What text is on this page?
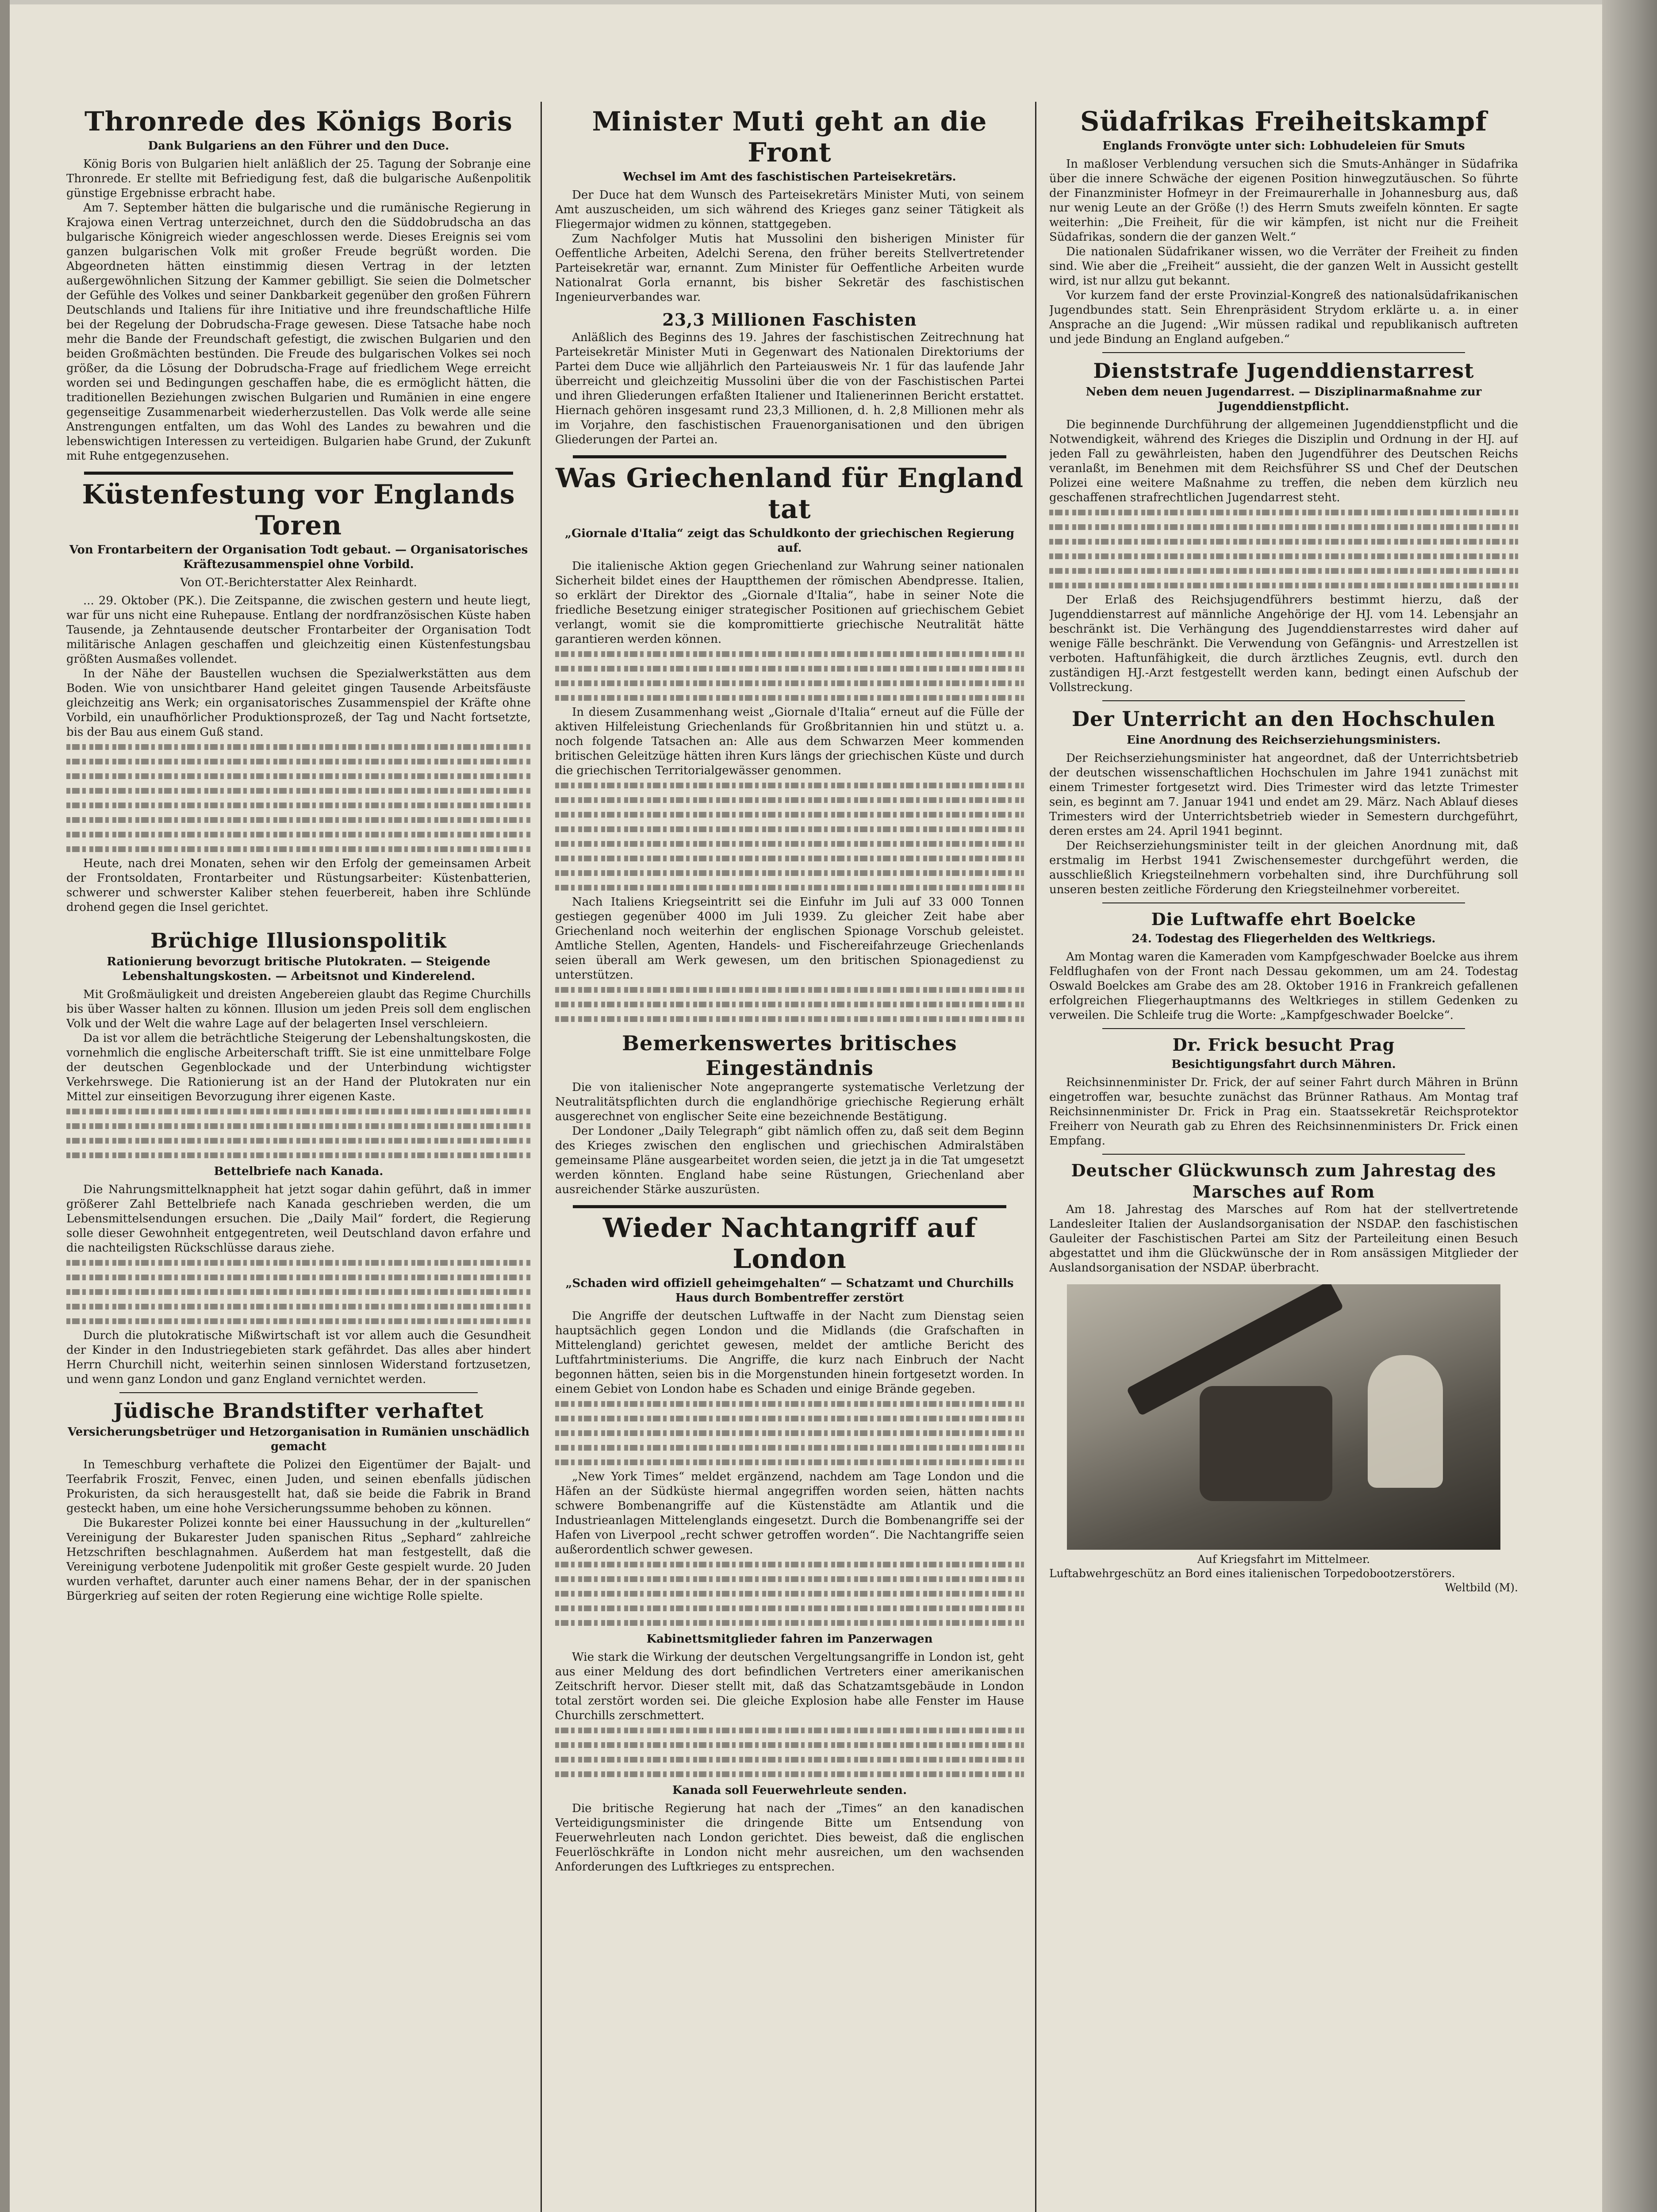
Thronrede des Königs Boris
Dank Bulgariens an den Führer und den Duce.

König Boris von Bulgarien hielt anläßlich der 25. Tagung der Sobranje eine Thronrede. Er stellte mit Befriedigung fest, daß die bulgarische Außenpolitik günstige Ergebnisse erbracht habe.

Am 7. September hätten die bulgarische und die rumänische Regierung in Krajowa einen Vertrag unterzeichnet, durch den die Süddobrudscha an das bulgarische Königreich wieder angeschlossen werde. Dieses Ereignis sei vom ganzen bulgarischen Volk mit großer Freude begrüßt worden. Die Abgeordneten hätten einstimmig diesen Vertrag in der letzten außergewöhnlichen Sitzung der Kammer gebilligt. Sie seien die Dolmetscher der Gefühle des Volkes und seiner Dankbarkeit gegenüber den großen Führern Deutschlands und Italiens für ihre Initiative und ihre freundschaftliche Hilfe bei der Regelung der Dobrudscha-Frage gewesen. Diese Tatsache habe noch mehr die Bande der Freundschaft gefestigt, die zwischen Bulgarien und den beiden Großmächten bestünden. Die Freude des bulgarischen Volkes sei noch größer, da die Lösung der Dobrudscha-Frage auf friedlichem Wege erreicht worden sei und Bedingungen geschaffen habe, die es ermöglicht hätten, die traditionellen Beziehungen zwischen Bulgarien und Rumänien in eine engere gegenseitige Zusammenarbeit wiederherzustellen. Das Volk werde alle seine Anstrengungen entfalten, um das Wohl des Landes zu bewahren und die lebenswichtigen Interessen zu verteidigen. Bulgarien habe Grund, der Zukunft mit Ruhe entgegenzusehen.

Küstenfestung vor Englands Toren
Von Frontarbeitern der Organisation Todt gebaut. — Organisatorisches Kräftezusammenspiel ohne Vorbild.
Von OT.-Berichterstatter Alex Reinhardt.

... 29. Oktober (PK.). Die Zeitspanne, die zwischen gestern und heute liegt, war für uns nicht eine Ruhepause. Entlang der nordfranzösischen Küste haben Tausende, ja Zehntausende deutscher Frontarbeiter der Organisation Todt militärische Anlagen geschaffen und gleichzeitig einen Küstenfestungsbau größten Ausmaßes vollendet.

In der Nähe der Baustellen wuchsen die Spezialwerkstätten aus dem Boden. Wie von unsichtbarer Hand geleitet gingen Tausende Arbeitsfäuste gleichzeitig ans Werk; ein organisatorisches Zusammenspiel der Kräfte ohne Vorbild, ein unaufhörlicher Produktionsprozeß, der Tag und Nacht fortsetzte, bis der Bau aus einem Guß stand.

Heute, nach drei Monaten, sehen wir den Erfolg der gemeinsamen Arbeit der Frontsoldaten, Frontarbeiter und Rüstungsarbeiter: Küstenbatterien, schwerer und schwerster Kaliber stehen feuerbereit, haben ihre Schlünde drohend gegen die Insel gerichtet.

Brüchige Illusionspolitik
Rationierung bevorzugt britische Plutokraten. — Steigende Lebenshaltungskosten. — Arbeitsnot und Kinderelend.

Mit Großmäuligkeit und dreisten Angebereien glaubt das Regime Churchills bis über Wasser halten zu können. Illusion um jeden Preis soll dem englischen Volk und der Welt die wahre Lage auf der belagerten Insel verschleiern.

Da ist vor allem die beträchtliche Steigerung der Lebenshaltungskosten, die vornehmlich die englische Arbeiterschaft trifft. Sie ist eine unmittelbare Folge der deutschen Gegenblockade und der Unterbindung wichtigster Verkehrswege. Die Rationierung ist an der Hand der Plutokraten nur ein Mittel zur einseitigen Bevorzugung ihrer eigenen Kaste.

Bettelbriefe nach Kanada.

Die Nahrungsmittelknappheit hat jetzt sogar dahin geführt, daß in immer größerer Zahl Bettelbriefe nach Kanada geschrieben werden, die um Lebensmittelsendungen ersuchen. Die „Daily Mail“ fordert, die Regierung solle dieser Gewohnheit entgegentreten, weil Deutschland davon erfahre und die nachteiligsten Rückschlüsse daraus ziehe.

Durch die plutokratische Mißwirtschaft ist vor allem auch die Gesundheit der Kinder in den Industriegebieten stark gefährdet. Das alles aber hindert Herrn Churchill nicht, weiterhin seinen sinnlosen Widerstand fortzusetzen, und wenn ganz London und ganz England vernichtet werden.

Jüdische Brandstifter verhaftet
Versicherungsbetrüger und Hetzorganisation in Rumänien unschädlich gemacht

In Temeschburg verhaftete die Polizei den Eigentümer der Bajalt- und Teerfabrik Froszit, Fenvec, einen Juden, und seinen ebenfalls jüdischen Prokuristen, da sich herausgestellt hat, daß sie beide die Fabrik in Brand gesteckt haben, um eine hohe Versicherungssumme behoben zu können.

Die Bukarester Polizei konnte bei einer Haussuchung in der „kulturellen“ Vereinigung der Bukarester Juden spanischen Ritus „Sephard“ zahlreiche Hetzschriften beschlagnahmen. Außerdem hat man festgestellt, daß die Vereinigung verbotene Judenpolitik mit großer Geste gespielt wurde. 20 Juden wurden verhaftet, darunter auch einer namens Behar, der in der spanischen Bürgerkrieg auf seiten der roten Regierung eine wichtige Rolle spielte.

Minister Muti geht an die Front
Wechsel im Amt des faschistischen Parteisekretärs.

Der Duce hat dem Wunsch des Parteisekretärs Minister Muti, von seinem Amt auszuscheiden, um sich während des Krieges ganz seiner Tätigkeit als Fliegermajor widmen zu können, stattgegeben.

Zum Nachfolger Mutis hat Mussolini den bisherigen Minister für Oeffentliche Arbeiten, Adelchi Serena, den früher bereits Stellvertretender Parteisekretär war, ernannt. Zum Minister für Oeffentliche Arbeiten wurde Nationalrat Gorla ernannt, bis bisher Sekretär des faschistischen Ingenieurverbandes war.

23,3 Millionen Faschisten

Anläßlich des Beginns des 19. Jahres der faschistischen Zeitrechnung hat Parteisekretär Minister Muti in Gegenwart des Nationalen Direktoriums der Partei dem Duce wie alljährlich den Parteiausweis Nr. 1 für das laufende Jahr überreicht und gleichzeitig Mussolini über die von der Faschistischen Partei und ihren Gliederungen erfaßten Italiener und Italienerinnen Bericht erstattet. Hiernach gehören insgesamt rund 23,3 Millionen, d. h. 2,8 Millionen mehr als im Vorjahre, den faschistischen Frauenorganisationen und den übrigen Gliederungen der Partei an.

Was Griechenland für England tat
„Giornale d'Italia“ zeigt das Schuldkonto der griechischen Regierung auf.

Die italienische Aktion gegen Griechenland zur Wahrung seiner nationalen Sicherheit bildet eines der Hauptthemen der römischen Abendpresse. Italien, so erklärt der Direktor des „Giornale d'Italia“, habe in seiner Note die friedliche Besetzung einiger strategischer Positionen auf griechischem Gebiet verlangt, womit sie die kompromittierte griechische Neutralität hätte garantieren werden können.

In diesem Zusammenhang weist „Giornale d'Italia“ erneut auf die Fülle der aktiven Hilfeleistung Griechenlands für Großbritannien hin und stützt u. a. noch folgende Tatsachen an: Alle aus dem Schwarzen Meer kommenden britischen Geleitzüge hätten ihren Kurs längs der griechischen Küste und durch die griechischen Territorialgewässer genommen.

Nach Italiens Kriegseintritt sei die Einfuhr im Juli auf 33 000 Tonnen gestiegen gegenüber 4000 im Juli 1939. Zu gleicher Zeit habe aber Griechenland noch weiterhin der englischen Spionage Vorschub geleistet. Amtliche Stellen, Agenten, Handels- und Fischereifahrzeuge Griechenlands seien überall am Werk gewesen, um den britischen Spionagedienst zu unterstützen.

Bemerkenswertes britisches Eingeständnis

Die von italienischer Note angeprangerte systematische Verletzung der Neutralitätspflichten durch die englandhörige griechische Regierung erhält ausgerechnet von englischer Seite eine bezeichnende Bestätigung.

Der Londoner „Daily Telegraph“ gibt nämlich offen zu, daß seit dem Beginn des Krieges zwischen den englischen und griechischen Admiralstäben gemeinsame Pläne ausgearbeitet worden seien, die jetzt ja in die Tat umgesetzt werden könnten. England habe seine Rüstungen, Griechenland aber ausreichender Stärke auszurüsten.

Wieder Nachtangriff auf London
„Schaden wird offiziell geheimgehalten“ — Schatzamt und Churchills Haus durch Bombentreffer zerstört

Die Angriffe der deutschen Luftwaffe in der Nacht zum Dienstag seien hauptsächlich gegen London und die Midlands (die Grafschaften in Mittelengland) gerichtet gewesen, meldet der amtliche Bericht des Luftfahrtministeriums. Die Angriffe, die kurz nach Einbruch der Nacht begonnen hätten, seien bis in die Morgenstunden hinein fortgesetzt worden. In einem Gebiet von London habe es Schaden und einige Brände gegeben.

„New York Times“ meldet ergänzend, nachdem am Tage London und die Häfen an der Südküste hiermal angegriffen worden seien, hätten nachts schwere Bombenangriffe auf die Küstenstädte am Atlantik und die Industrieanlagen Mittelenglands eingesetzt. Durch die Bombenangriffe sei der Hafen von Liverpool „recht schwer getroffen worden“. Die Nachtangriffe seien außerordentlich schwer gewesen.

Kabinettsmitglieder fahren im Panzerwagen

Wie stark die Wirkung der deutschen Vergeltungsangriffe in London ist, geht aus einer Meldung des dort befindlichen Vertreters einer amerikanischen Zeitschrift hervor. Dieser stellt mit, daß das Schatzamtsgebäude in London total zerstört worden sei. Die gleiche Explosion habe alle Fenster im Hause Churchills zerschmettert.

Kanada soll Feuerwehrleute senden.

Die britische Regierung hat nach der „Times“ an den kanadischen Verteidigungsminister die dringende Bitte um Entsendung von Feuerwehrleuten nach London gerichtet. Dies beweist, daß die englischen Feuerlöschkräfte in London nicht mehr ausreichen, um den wachsenden Anforderungen des Luftkrieges zu entsprechen.

Südafrikas Freiheitskampf
Englands Fronvögte unter sich: Lobhudeleien für Smuts

In maßloser Verblendung versuchen sich die Smuts-Anhänger in Südafrika über die innere Schwäche der eigenen Position hinwegzutäuschen. So führte der Finanzminister Hofmeyr in der Freimaurerhalle in Johannesburg aus, daß nur wenig Leute an der Größe (!) des Herrn Smuts zweifeln könnten. Er sagte weiterhin: „Die Freiheit, für die wir kämpfen, ist nicht nur die Freiheit Südafrikas, sondern die der ganzen Welt.“

Die nationalen Südafrikaner wissen, wo die Verräter der Freiheit zu finden sind. Wie aber die „Freiheit“ aussieht, die der ganzen Welt in Aussicht gestellt wird, ist nur allzu gut bekannt.

Vor kurzem fand der erste Provinzial-Kongreß des nationalsüdafrikanischen Jugendbundes statt. Sein Ehrenpräsident Strydom erklärte u. a. in einer Ansprache an die Jugend: „Wir müssen radikal und republikanisch auftreten und jede Bindung an England aufgeben.“

Dienststrafe Jugenddienstarrest
Neben dem neuen Jugendarrest. — Disziplinarmaßnahme zur Jugenddienstpflicht.

Die beginnende Durchführung der allgemeinen Jugenddienstpflicht und die Notwendigkeit, während des Krieges die Disziplin und Ordnung in der HJ. auf jeden Fall zu gewährleisten, haben den Jugendführer des Deutschen Reichs veranlaßt, im Benehmen mit dem Reichsführer SS und Chef der Deutschen Polizei eine weitere Maßnahme zu treffen, die neben dem kürzlich neu geschaffenen strafrechtlichen Jugendarrest steht.

Der Erlaß des Reichsjugendführers bestimmt hierzu, daß der Jugenddienstarrest auf männliche Angehörige der HJ. vom 14. Lebensjahr an beschränkt ist. Die Verhängung des Jugenddienstarrestes wird daher auf wenige Fälle beschränkt. Die Verwendung von Gefängnis- und Arrestzellen ist verboten. Haftunfähigkeit, die durch ärztliches Zeugnis, evtl. durch den zuständigen HJ.-Arzt festgestellt werden kann, bedingt einen Aufschub der Vollstreckung.

Der Unterricht an den Hochschulen
Eine Anordnung des Reichserziehungsministers.

Der Reichserziehungsminister hat angeordnet, daß der Unterrichtsbetrieb der deutschen wissenschaftlichen Hochschulen im Jahre 1941 zunächst mit einem Trimester fortgesetzt wird. Dies Trimester wird das letzte Trimester sein, es beginnt am 7. Januar 1941 und endet am 29. März. Nach Ablauf dieses Trimesters wird der Unterrichtsbetrieb wieder in Semestern durchgeführt, deren erstes am 24. April 1941 beginnt.

Der Reichserziehungsminister teilt in der gleichen Anordnung mit, daß erstmalig im Herbst 1941 Zwischensemester durchgeführt werden, die ausschließlich Kriegsteilnehmern vorbehalten sind, ihre Durchführung soll unseren besten zeitliche Förderung den Kriegsteilnehmer vorbereitet.

Die Luftwaffe ehrt Boelcke
24. Todestag des Fliegerhelden des Weltkriegs.

Am Montag waren die Kameraden vom Kampfgeschwader Boelcke aus ihrem Feldflughafen von der Front nach Dessau gekommen, um am 24. Todestag Oswald Boelckes am Grabe des am 28. Oktober 1916 in Frankreich gefallenen erfolgreichen Fliegerhauptmanns des Weltkrieges in stillem Gedenken zu verweilen. Die Schleife trug die Worte: „Kampfgeschwader Boelcke“.

Dr. Frick besucht Prag
Besichtigungsfahrt durch Mähren.

Reichsinnenminister Dr. Frick, der auf seiner Fahrt durch Mähren in Brünn eingetroffen war, besuchte zunächst das Brünner Rathaus. Am Montag traf Reichsinnenminister Dr. Frick in Prag ein. Staatssekretär Reichsprotektor Freiherr von Neurath gab zu Ehren des Reichsinnenministers Dr. Frick einen Empfang.

Deutscher Glückwunsch zum Jahrestag des Marsches auf Rom

Am 18. Jahrestag des Marsches auf Rom hat der stellvertretende Landesleiter Italien der Auslandsorganisation der NSDAP. den faschistischen Gauleiter der Faschistischen Partei am Sitz der Parteileitung einen Besuch abgestattet und ihm die Glückwünsche der in Rom ansässigen Mitglieder der Auslandsorganisation der NSDAP. überbracht.

Auf Kriegsfahrt im Mittelmeer.
Luftabwehrgeschütz an Bord eines italienischen Torpedobootzerstörers.
Weltbild (M).
